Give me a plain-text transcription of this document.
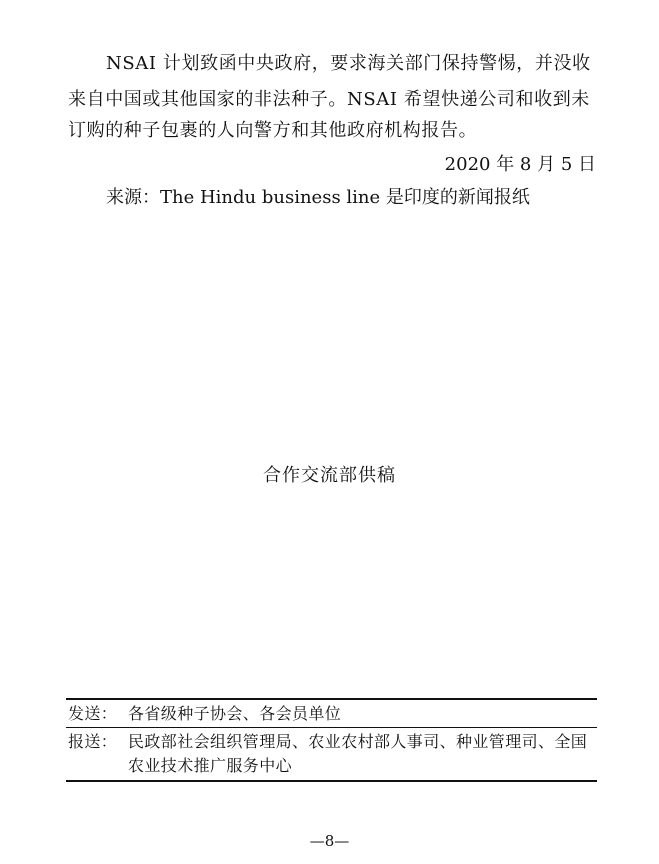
NSAI 计划致函中央政府，要求海关部门保持警惕，并没收
来自中国或其他国家的非法种子。NSAI 希望快递公司和收到未
订购的种子包裹的人向警方和其他政府机构报告。
2020 年 8 月 5 日
来源：The Hindu business line 是印度的新闻报纸
合作交流部供稿
发送： 各省级种子协会、各会员单位
报送： 民政部社会组织管理局、农业农村部人事司、种业管理司、全国
农业技术推广服务中心
—8—
